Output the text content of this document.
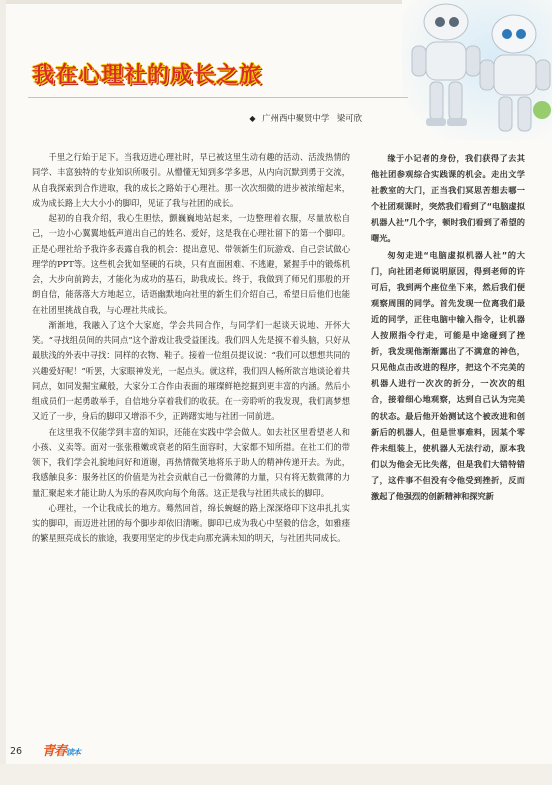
我在心理社的成长之旅
◆ 广州西中聚贤中学 梁可欣

千里之行始于足下。当我迈进心理社时，早已被这里生动有趣的活动、活泼热情的同学、丰富独特的专业知识所吸引。从懵懂无知到多学多思，从内向沉默到勇于交流，从自我探索到合作进取，我的成长之路始于心理社。那一次次细微的进步被浓缩起来，成为成长路上大大小小的脚印，见证了我与社团的成长。

起初的自我介绍，我心生胆怯，颤巍巍地站起来，一边整理着衣服，尽量放松自己，一边小心翼翼地低声道出自己的姓名、爱好，这是我在心理社留下的第一个脚印。正是心理社给予我许多表露自我的机会：提出意见、带领新生们玩游戏、自己尝试做心理学的PPT等。这些机会犹如坚硬的石块，只有直面困难、不逃避，紧握手中的锻炼机会，大步向前跨去，才能化为成功的基石，助我成长。终于，我做到了师兄们那般的开朗自信，能落落大方地起立，话语幽默地向社里的新生们介绍自己，希望日后他们也能在社团里挑战自我，与心理社共成长。

渐渐地，我融入了这个大家庭，学会共同合作，与同学们一起谈天说地、开怀大笑。“寻找组员间的共同点”这个游戏让我受益匪浅。我们四人先是摸不着头脑，只好从最肤浅的外表中寻找：同样的衣物、鞋子。接着一位组员提议说：“我们可以想想共同的兴趣爱好呢！”听罢，大家眼神发光，一起点头。就这样，我们四人畅所欲言地谈论着共同点，如同发掘宝藏般，大家分工合作由表面的璀璨鲜艳挖掘到更丰富的内涵。然后小组成员们一起勇敢举手，自信地分享着我们的收获。在一旁聆听的我发现，我们离梦想又近了一步，身后的脚印又增添不少，正踌躇实地与社团一同前进。

在这里我不仅能学到丰富的知识，还能在实践中学会做人。如去社区里看望老人和小孩、义卖等。面对一张张稚嫩或衰老的陌生面容时，大家都不知所措。在社工们的带领下，我们学会礼貌地问好和道谢，再热情微笑地将乐于助人的精神传递开去。为此，我感触良多：服务社区的价值是为社会贡献自己一份微薄的力量，只有将无数微薄的力量汇聚起来才能让助人为乐的春风吹向每个角落。这正是我与社团共成长的脚印。

心理社，一个让我成长的地方。蓦然回首，绵长蜿蜒的路上深深烙印下这串扎扎实实的脚印，而迈进社团的每个脚步却依旧清晰。脚印已成为我心中坚毅的信念，如雅瘗的繁星照亮成长的旅途，我要用坚定的步伐走向那充满未知的明天，与社团共同成长。

缘于小记者的身份，我们获得了去其他社团参观综合实践课的机会。走出文学社教室的大门，正当我们冥思苦想去哪一个社团观课时，突然我们看到了“电脑虚拟机器人社”几个字，顿时我们看到了希望的曙光。

匆匆走进“电脑虚拟机器人社”的大门，向社团老师说明原因，得到老师的许可后，我到两个座位坐下来，然后我们便观察周围的同学。首先发现一位离我们最近的同学，正往电脑中输入指令，让机器人按照指令行走，可能是中途碰到了挫折，我发现他渐渐露出了不满意的神色，只见他点击改进的程序，把这个不完美的机器人进行一次次的折分，一次次的组合，接着细心地观察，达到自己认为完美的状态。最后他开始测试这个被改进和创新后的机器人，但是世事难料，因某个零件未组装上，使机器人无法行动，原本我们以为他会无比失落，但是我们大错特错了，这件事不但没有令他受到挫折，反而激起了他强烈的创新精神和探究新

26 青春读本
